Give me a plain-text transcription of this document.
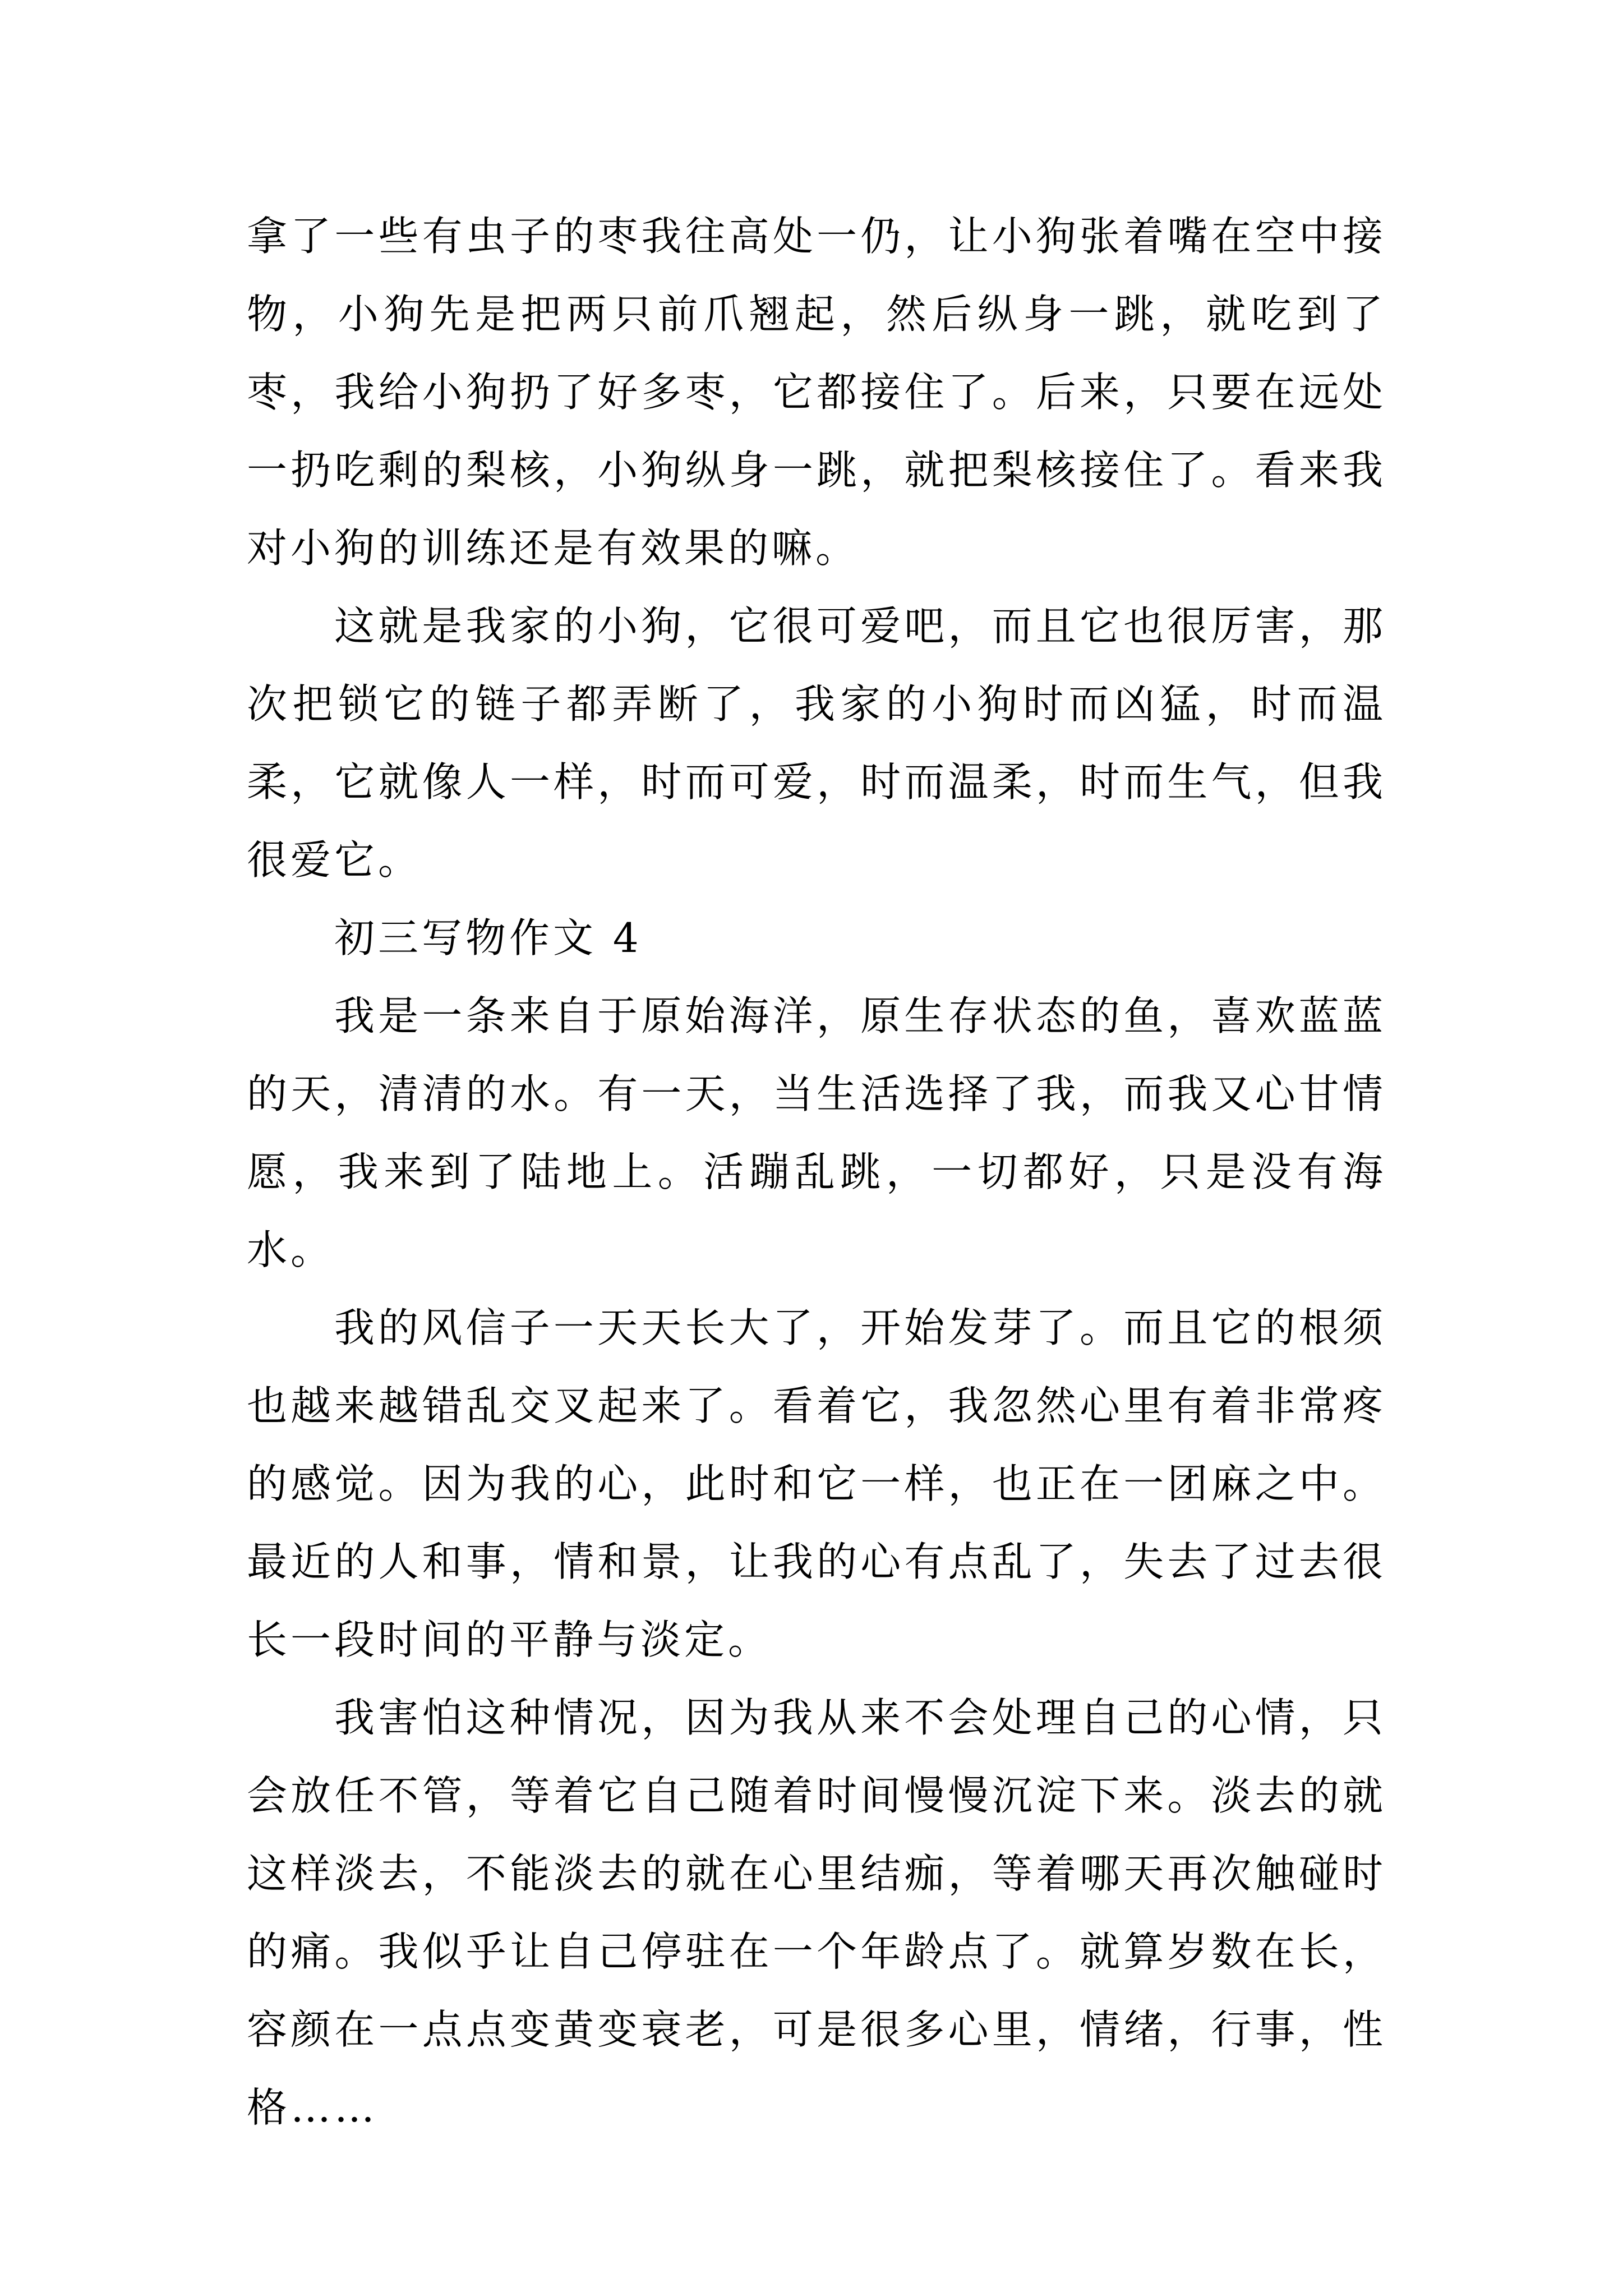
拿了一些有虫子的枣我往高处一仍，让小狗张着嘴在空中接物，小狗先是把两只前爪翘起，然后纵身一跳，就吃到了枣，我给小狗扔了好多枣，它都接住了。后来，只要在远处一扔吃剩的梨核，小狗纵身一跳，就把梨核接住了。看来我对小狗的训练还是有效果的嘛。

这就是我家的小狗，它很可爱吧，而且它也很厉害，那次把锁它的链子都弄断了，我家的小狗时而凶猛，时而温柔，它就像人一样，时而可爱，时而温柔，时而生气，但我很爱它。

初三写物作文 4

我是一条来自于原始海洋，原生存状态的鱼，喜欢蓝蓝的天，清清的水。有一天，当生活选择了我，而我又心甘情愿，我来到了陆地上。活蹦乱跳，一切都好，只是没有海水。

我的风信子一天天长大了，开始发芽了。而且它的根须也越来越错乱交叉起来了。看着它，我忽然心里有着非常疼的感觉。因为我的心，此时和它一样，也正在一团麻之中。最近的人和事，情和景，让我的心有点乱了，失去了过去很长一段时间的平静与淡定。

我害怕这种情况，因为我从来不会处理自己的心情，只会放任不管，等着它自己随着时间慢慢沉淀下来。淡去的就这样淡去，不能淡去的就在心里结痂，等着哪天再次触碰时的痛。我似乎让自己停驻在一个年龄点了。就算岁数在长，容颜在一点点变黄变衰老，可是很多心里，情绪，行事，性格……
